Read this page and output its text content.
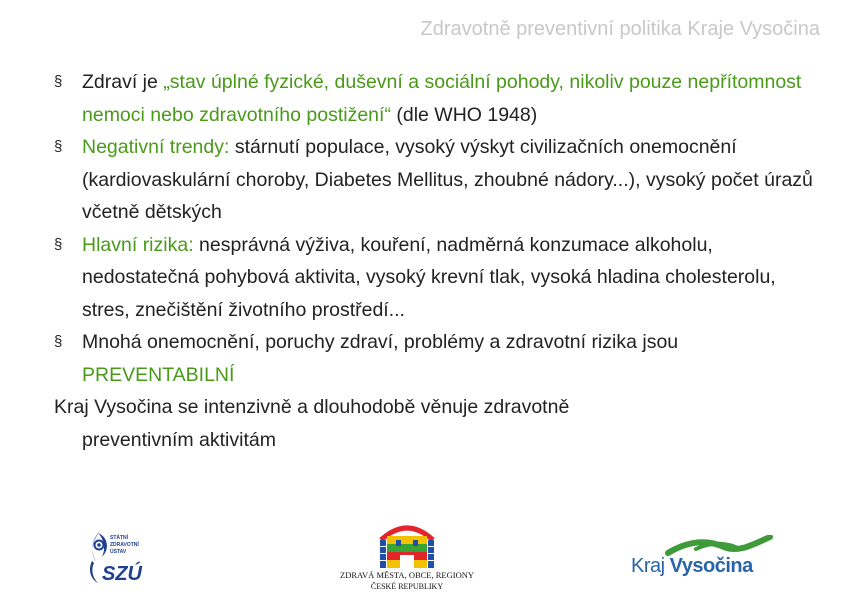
Zdravotně preventivní politika Kraje Vysočina

§ Zdraví je „stav úplné fyzické, duševní a sociální pohody, nikoliv pouze nepřítomnost nemoci nebo zdravotního postižení“ (dle WHO 1948)

§ Negativní trendy: stárnutí populace, vysoký výskyt civilizačních onemocnění (kardiovaskulární choroby, Diabetes Mellitus, zhoubné nádory...), vysoký počet úrazů včetně dětských

§ Hlavní rizika: nesprávná výživa, kouření, nadměrná konzumace alkoholu, nedostatečná pohybová aktivita, vysoký krevní tlak, vysoká hladina cholesterolu, stres, znečištění životního prostředí...

§ Mnohá onemocnění, poruchy zdraví, problémy a zdravotní rizika jsou PREVENTABILNÍ

Kraj Vysočina se intenzivně a dlouhodobě věnuje zdravotně
preventivním aktivitám

STÁTNÍ
ZDRAVOTNÍ
ÚSTAV
SZÚ	ZDRAVÁ MĚSTA, OBCE, REGIONY
ČESKÉ REPUBLIKY
Kraj Vysočina
